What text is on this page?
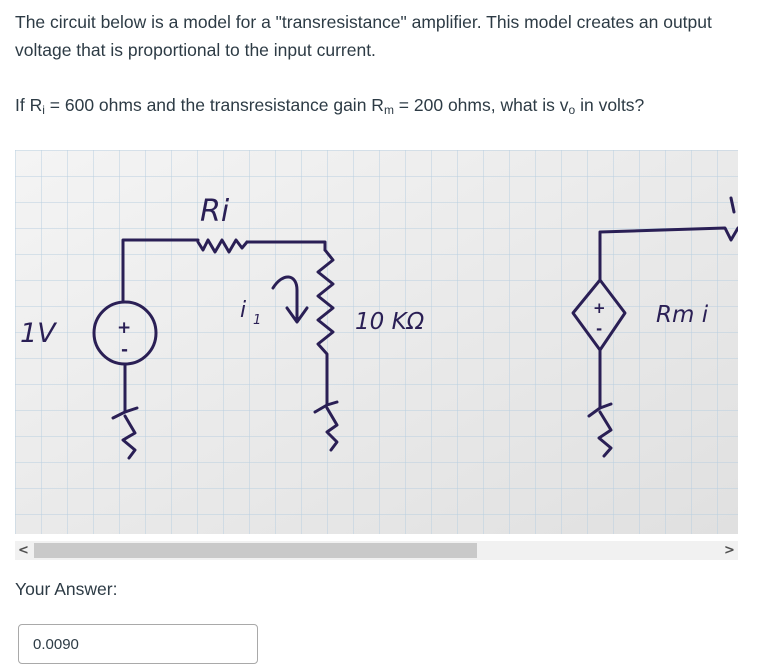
The circuit below is a model for a "transresistance" amplifier. This model creates an output voltage that is proportional to the input current.

If $R_i = 600$ ohms and the transresistance gain $R_m = 200$ ohms, what is $v_o$ in volts?

1V
Ri
i 1	10 KΩ	Rm i
+
-
+
-
<	>
Your Answer:
0.0090
